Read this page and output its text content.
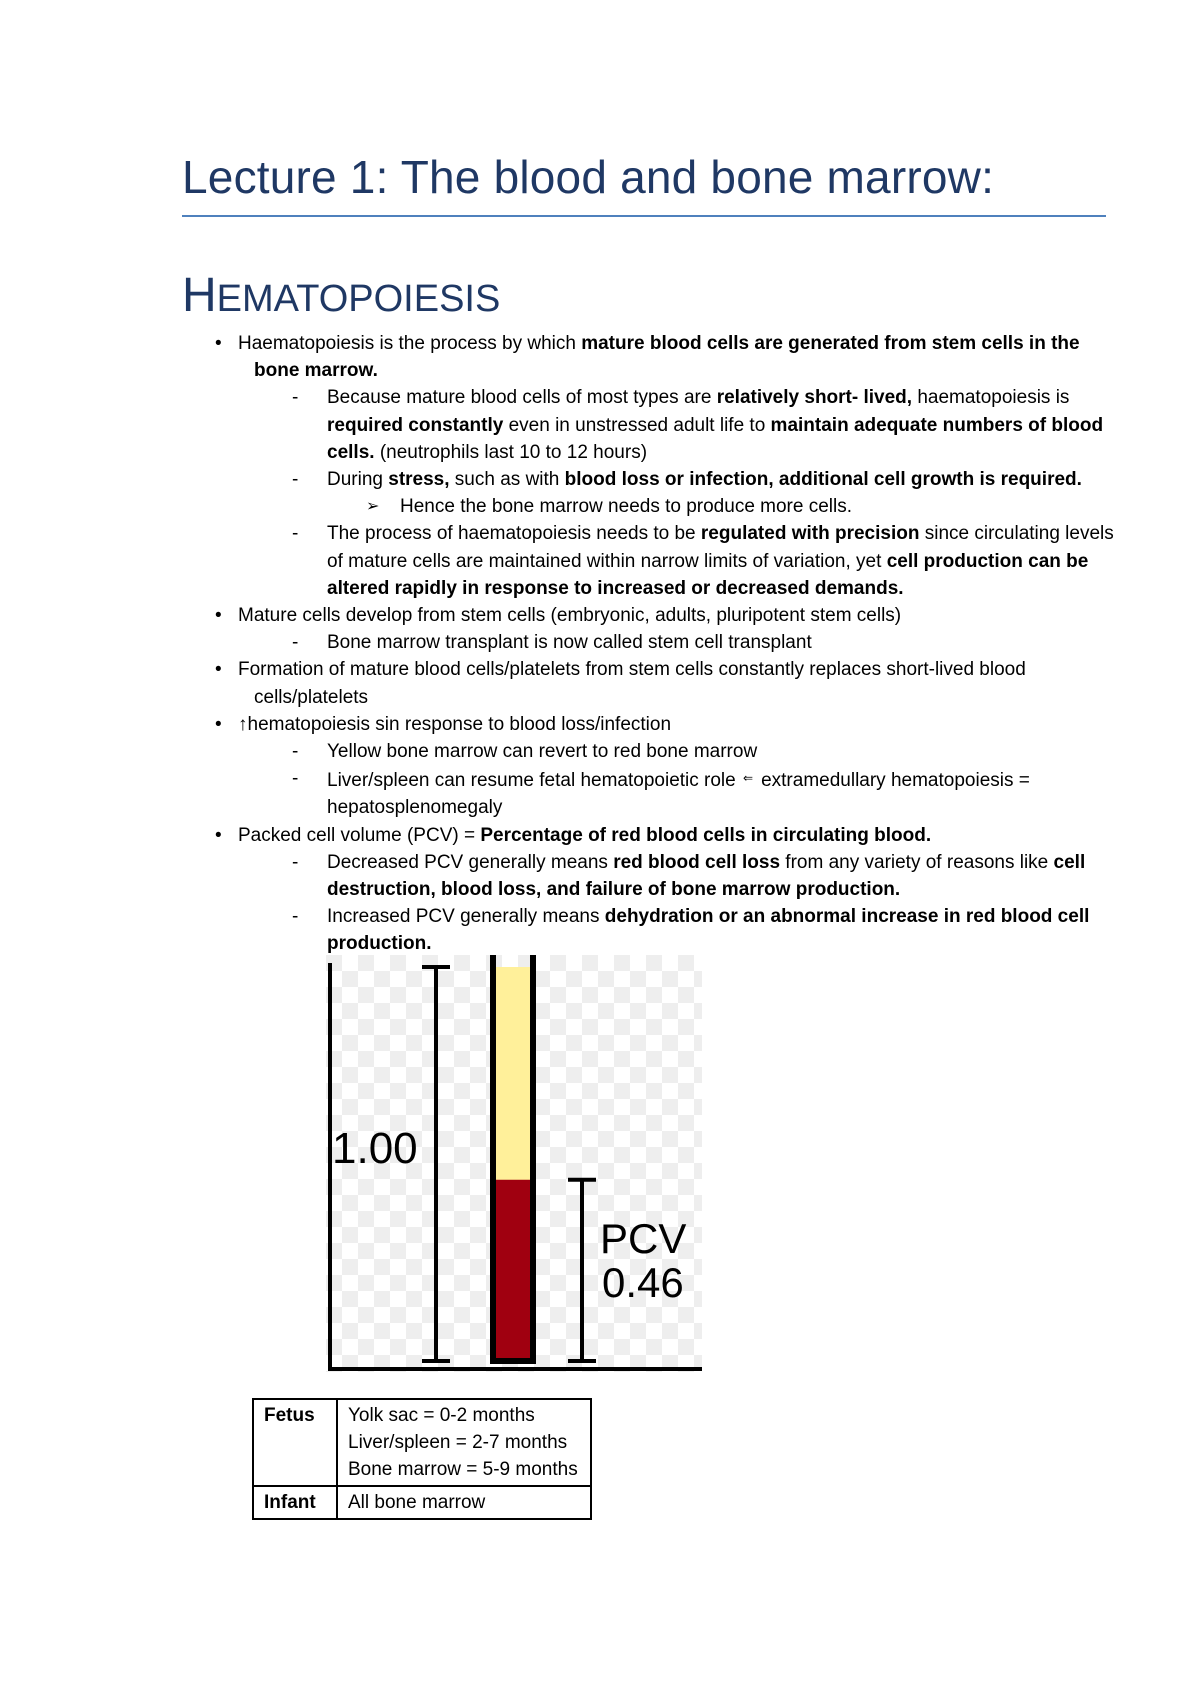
Lecture 1: The blood and bone marrow:
HEMATOPOIESIS
• Haematopoiesis is the process by which mature blood cells are generated from stem cells in the bone marrow.
- Because mature blood cells of most types are relatively short- lived, haematopoiesis is required constantly even in unstressed adult life to maintain adequate numbers of blood cells. (neutrophils last 10 to 12 hours)
- During stress, such as with blood loss or infection, additional cell growth is required.
➢ Hence the bone marrow needs to produce more cells.
- The process of haematopoiesis needs to be regulated with precision since circulating levels of mature cells are maintained within narrow limits of variation, yet cell production can be altered rapidly in response to increased or decreased demands.
• Mature cells develop from stem cells (embryonic, adults, pluripotent stem cells)
- Bone marrow transplant is now called stem cell transplant
• Formation of mature blood cells/platelets from stem cells constantly replaces short-lived blood cells/platelets
• ↑hematopoiesis sin response to blood loss/infection
- Yellow bone marrow can revert to red bone marrow
- Liver/spleen can resume fetal hematopoietic role ⇐ extramedullary hematopoiesis = hepatosplenomegaly
• Packed cell volume (PCV) = Percentage of red blood cells in circulating blood.
- Decreased PCV generally means red blood cell loss from any variety of reasons like cell destruction, blood loss, and failure of bone marrow production.
- Increased PCV generally means dehydration or an abnormal increase in red blood cell production.
1.00
PCV
0.46
Fetus	Yolk sac = 0-2 months
Liver/spleen = 2-7 months
Bone marrow = 5-9 months

Infant	All bone marrow
